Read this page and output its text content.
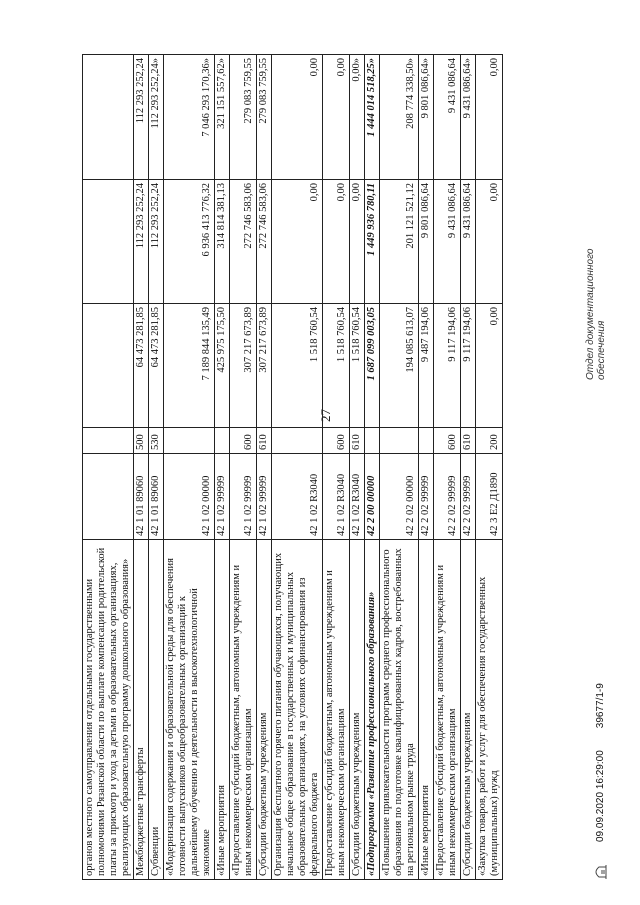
27
органов местного самоуправления отдельными государственными полномочиями Рязанской области по выплате компенсации родительской платы за присмотр и уход за детьми в образовательных организациях, реализующих образовательную программу дошкольного образования»					
Межбюджетные трансферты	42 1 01 89060	500	64 473 281,85	112 293 252,24	112 293 252,24
Субвенции	42 1 01 89060	530	64 473 281,85	112 293 252,24	112 293 252,24»
«Модернизация содержания и образовательной среды для обеспечения готовности выпускников общеобразовательных организаций к дальнейшему обучению и деятельности в высокотехнологичной экономике	42 1 02 00000		7 189 844 135,49	6 936 413 776,32	7 046 293 170,36»
«Иные мероприятия	42 1 02 99999		425 975 175,50	314 814 381,13	321 151 557,62»
«Предоставление субсидий бюджетным, автономным учреждениям и иным некоммерческим организациям	42 1 02 99999	600	307 217 673,89	272 746 583,06	279 083 759,55
Субсидии бюджетным учреждениям	42 1 02 99999	610	307 217 673,89	272 746 583,06	279 083 759,55
Организация бесплатного горячего питания обучающихся, получающих начальное общее образование в государственных и муниципальных образовательных организациях, на условиях софинансирования из федерального бюджета	42 1 02 R3040		1 518 760,54	0,00	0,00
Предоставление субсидий бюджетным, автономным учреждениям и иным некоммерческим организациям	42 1 02 R3040	600	1 518 760,54	0,00	0,00
Субсидии бюджетным учреждениям	42 1 02 R3040	610	1 518 760,54	0,00	0,00»
«Подпрограмма «Развитие профессионального образования»	42 2 00 00000		1 687 099 003,05	1 449 936 780,11	1 444 014 518,25»
«Повышение привлекательности программ среднего профессионального образования по подготовке квалифицированных кадров, востребованных на региональном рынке труда	42 2 02 00000		194 085 613,07	201 121 521,12	208 774 338,50»
«Иные мероприятия	42 2 02 99999		9 487 194,06	9 801 086,64	9 801 086,64»
«Предоставление субсидий бюджетным, автономным учреждениям и иным некоммерческим организациям	42 2 02 99999	600	9 117 194,06	9 431 086,64	9 431 086,64
Субсидии бюджетным учреждениям	42 2 02 99999	610	9 117 194,06	9 431 086,64	9 431 086,64»
«Закупка товаров, работ и услуг для обеспечения государственных (муниципальных) нужд	42 3 Е2 Д1890	200	0,00	0,00	0,00
09.09.2020 16:29:00
39677/1-9
Отдел документационного обеспечения
